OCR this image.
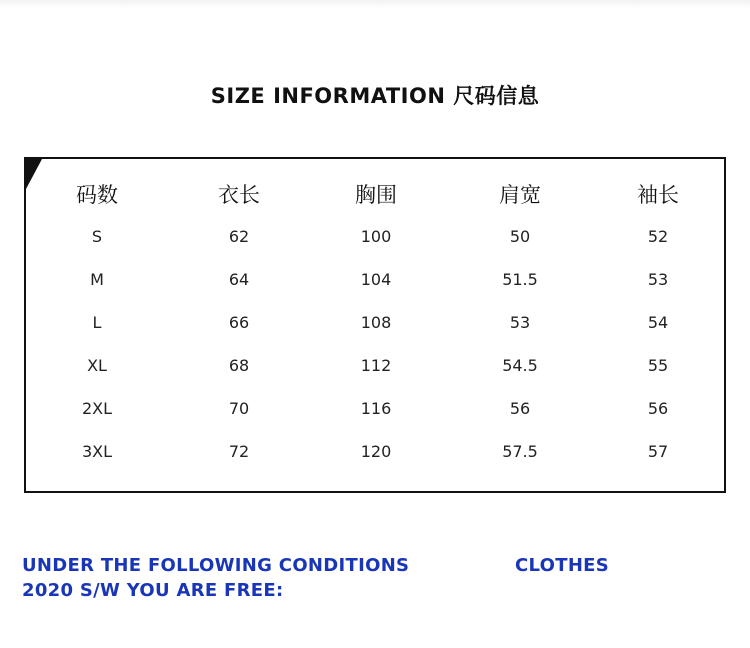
SIZE INFORMATION 尺码信息
码数
S
M
L
XL
2XL
3XL
衣长
62
64
66
68
70
72
胸围
100
104
108
112
116
120
肩宽
50
51.5
53
54.5
56
57.5
袖长
52
53
54
55
56
57
UNDER THE FOLLOWING CONDITIONS
2020 S/W YOU ARE FREE:
CLOTHES
